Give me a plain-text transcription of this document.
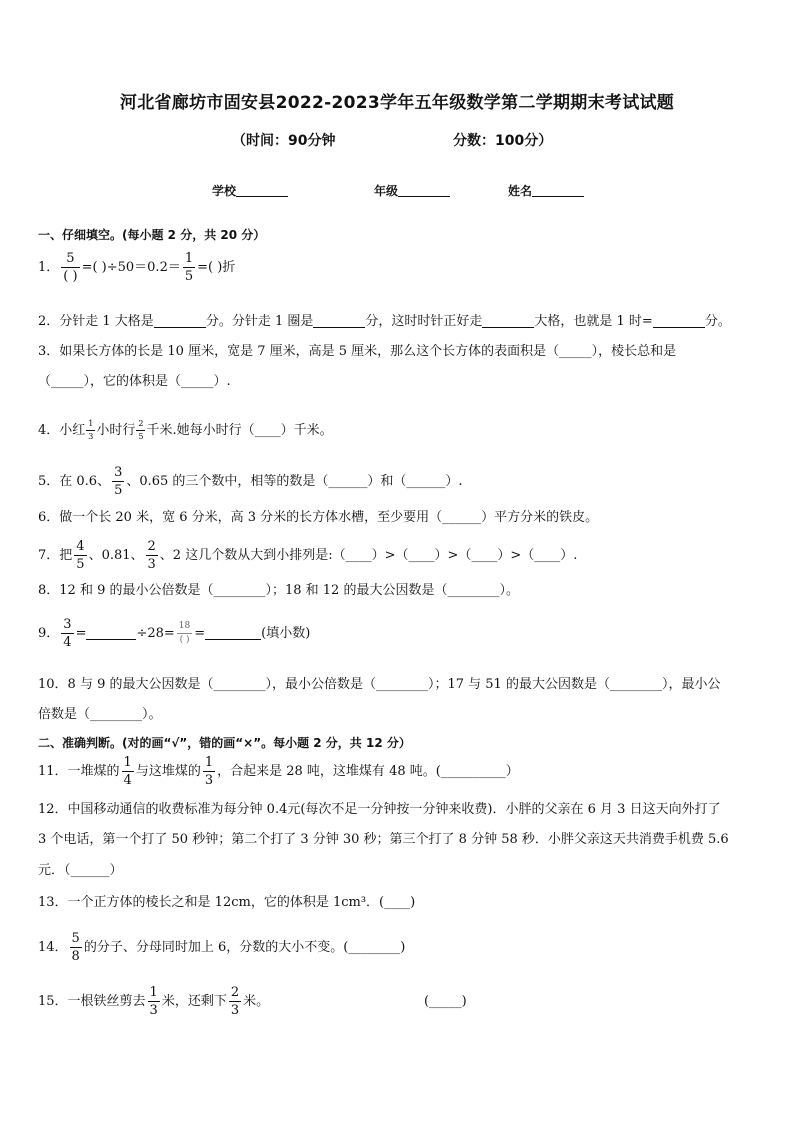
河北省廊坊市固安县2022-2023学年五年级数学第二学期期末考试试题
（时间：90分钟	分数：100分）
学校	年级	姓名
一、仔细填空。(每小题 2 分，共 20 分）
1． $\frac{5}{( )}$ =( )$\div 50=0.2= \frac{1}{5}$ =( )折
2．分针走 1 大格是	分。分针走 1 圈是	分，这时时针正好走	大格，也就是 1 时=	分。
3．如果长方体的长是 10 厘米，宽是 7 厘米，高是 5 厘米，那么这个长方体的表面积是（_____），棱长总和是
（_____），它的体积是（_____）.
4．小红 $\frac{1}{3}$ 小时行 $\frac{2}{5}$ 千米.她每小时行（____）千米。
5．在 0.6、 $\frac{3}{5}$ 、0.65 的三个数中，相等的数是（______）和（______）.
6．做一个长 20 米，宽 6 分米，高 3 分米的长方体水槽，至少要用（______）平方分米的铁皮。
7．把 $\frac{4}{5}$ 、0.81、 $\frac{2}{3}$ 、2 这几个数从大到小排列是:（____）>（____）>（____）>（____）.
8．12 和 9 的最小公倍数是（________）；18 和 12 的最大公因数是（________）。
9． $\frac{3}{4}$ =	$\div 28= \frac{18}{( )}$ =	(填小数)
10．8 与 9 的最大公因数是（________），最小公倍数是（________）；17 与 51 的最大公因数是（________），最小公
倍数是（________）。
二、准确判断。(对的画“√”，错的画“×”。每小题 2 分，共 12 分）
11．一堆煤的 $\frac{1}{4}$ 与这堆煤的 $\frac{1}{3}$ ，合起来是 28 吨，这堆煤有 48 吨。(__________）
12．中国移动通信的收费标准为每分钟 0.4元(每次不足一分钟按一分钟来收费)．小胖的父亲在 6 月 3 日这天向外打了
3 个电话，第一个打了 50 秒钟；第二个打了 3 分钟 30 秒；第三个打了 8 分钟 58 秒．小胖父亲这天共消费手机费 5.6
元．（______）
13．一个正方体的棱长之和是 12cm，它的体积是 1cm³．(____)
14． $\frac{5}{8}$ 的分子、分母同时加上 6，分数的大小不变。(________)
15．一根铁丝剪去 $\frac{1}{3}$ 米，还剩下 $\frac{2}{3}$ 米。	(_____)
